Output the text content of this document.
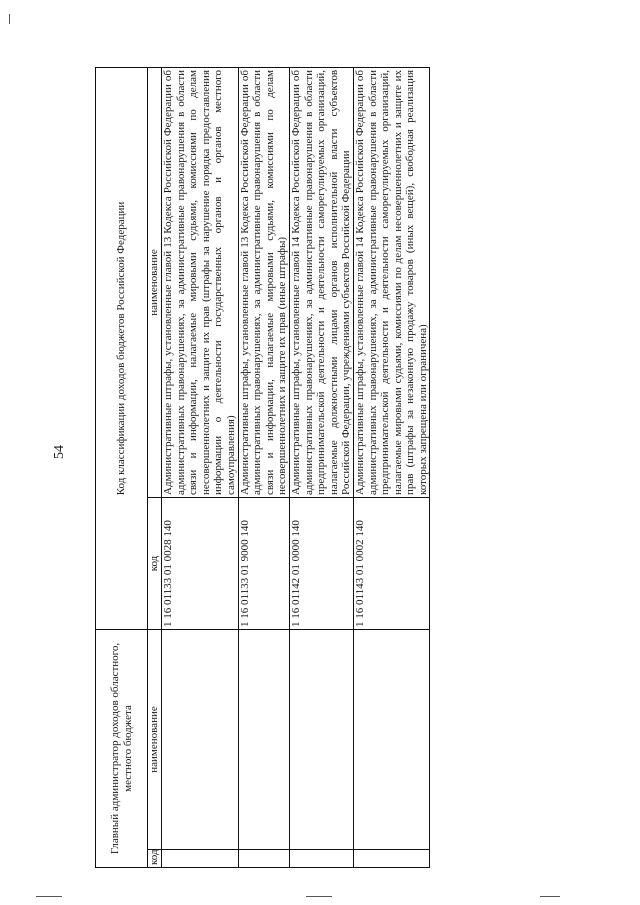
54
Главный администратор доходов областного, местного бюджета		Код классификации доходов бюджетов Российской Федерации	
код	наименование	код	наименование
		1 16 01133 01 0028 140	Административные штрафы, установленные главой 13 Кодекса Российской Федерации об административных правонарушениях, за административные правонарушения в области связи и информации, налагаемые мировыми судьями, комиссиями по делам несовершеннолетних и защите их прав (штрафы за нарушение порядка предоставления информации о деятельности государственных органов и органов местного самоуправления)
		1 16 01133 01 9000 140	Административные штрафы, установленные главой 13 Кодекса Российской Федерации об административных правонарушениях, за административные правонарушения в области связи и информации, налагаемые мировыми судьями, комиссиями по делам несовершеннолетних и защите их прав (иные штрафы)
		1 16 01142 01 0000 140	Административные штрафы, установленные главой 14 Кодекса Российской Федерации об административных правонарушениях, за административные правонарушения в области предпринимательской деятельности и деятельности саморегулируемых организаций, налагаемые должностными лицами органов исполнительной власти субъектов Российской Федерации, учреждениями субъектов Российской Федерации
		1 16 01143 01 0002 140	Административные штрафы, установленные главой 14 Кодекса Российской Федерации об административных правонарушениях, за административные правонарушения в области предпринимательской деятельности и деятельности саморегулируемых организаций, налагаемые мировыми судьями, комиссиями по делам несовершеннолетних и защите их прав (штрафы за незаконную продажу товаров (иных вещей), свободная реализация которых запрещена или ограничена)
